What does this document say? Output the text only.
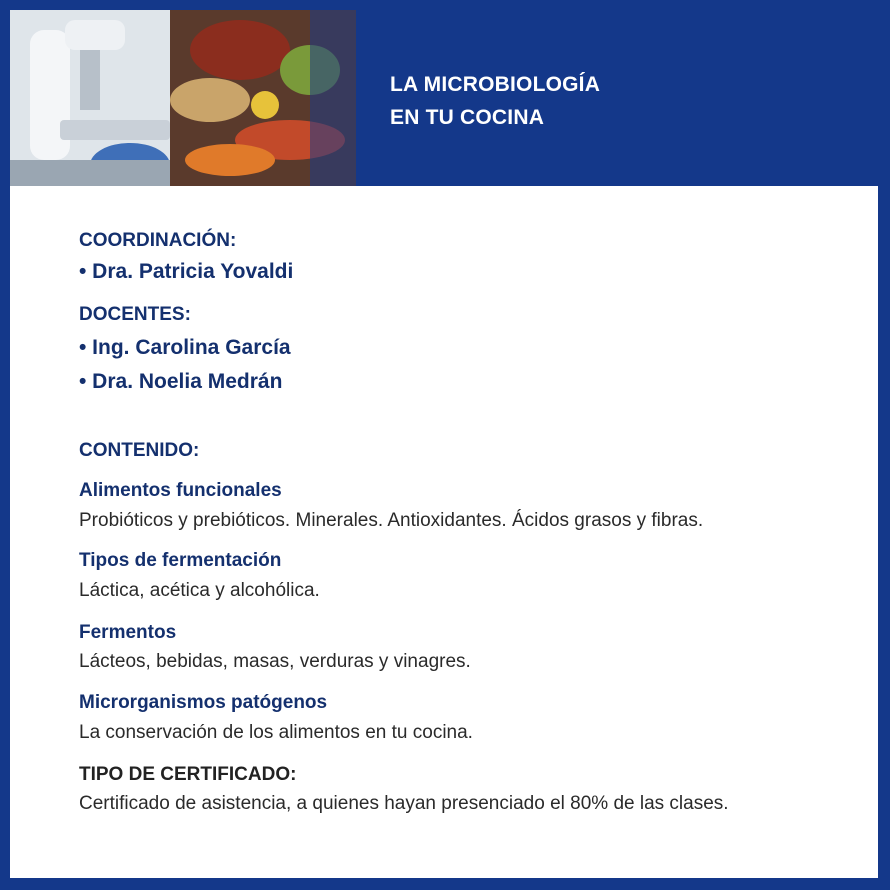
LA MICROBIOLOGÍA
EN TU COCINA
COORDINACIÓN:
• Dra. Patricia Yovaldi
DOCENTES:
• Ing. Carolina García
• Dra. Noelia Medrán
CONTENIDO:
Alimentos funcionales
Probióticos y prebióticos. Minerales. Antioxidantes. Ácidos grasos y fibras.
Tipos de fermentación
Láctica, acética y alcohólica.
Fermentos
Lácteos, bebidas, masas, verduras y vinagres.
Microrganismos patógenos
La conservación de los alimentos en tu cocina.
TIPO DE CERTIFICADO:
Certificado de asistencia, a quienes hayan presenciado el 80% de las clases.
